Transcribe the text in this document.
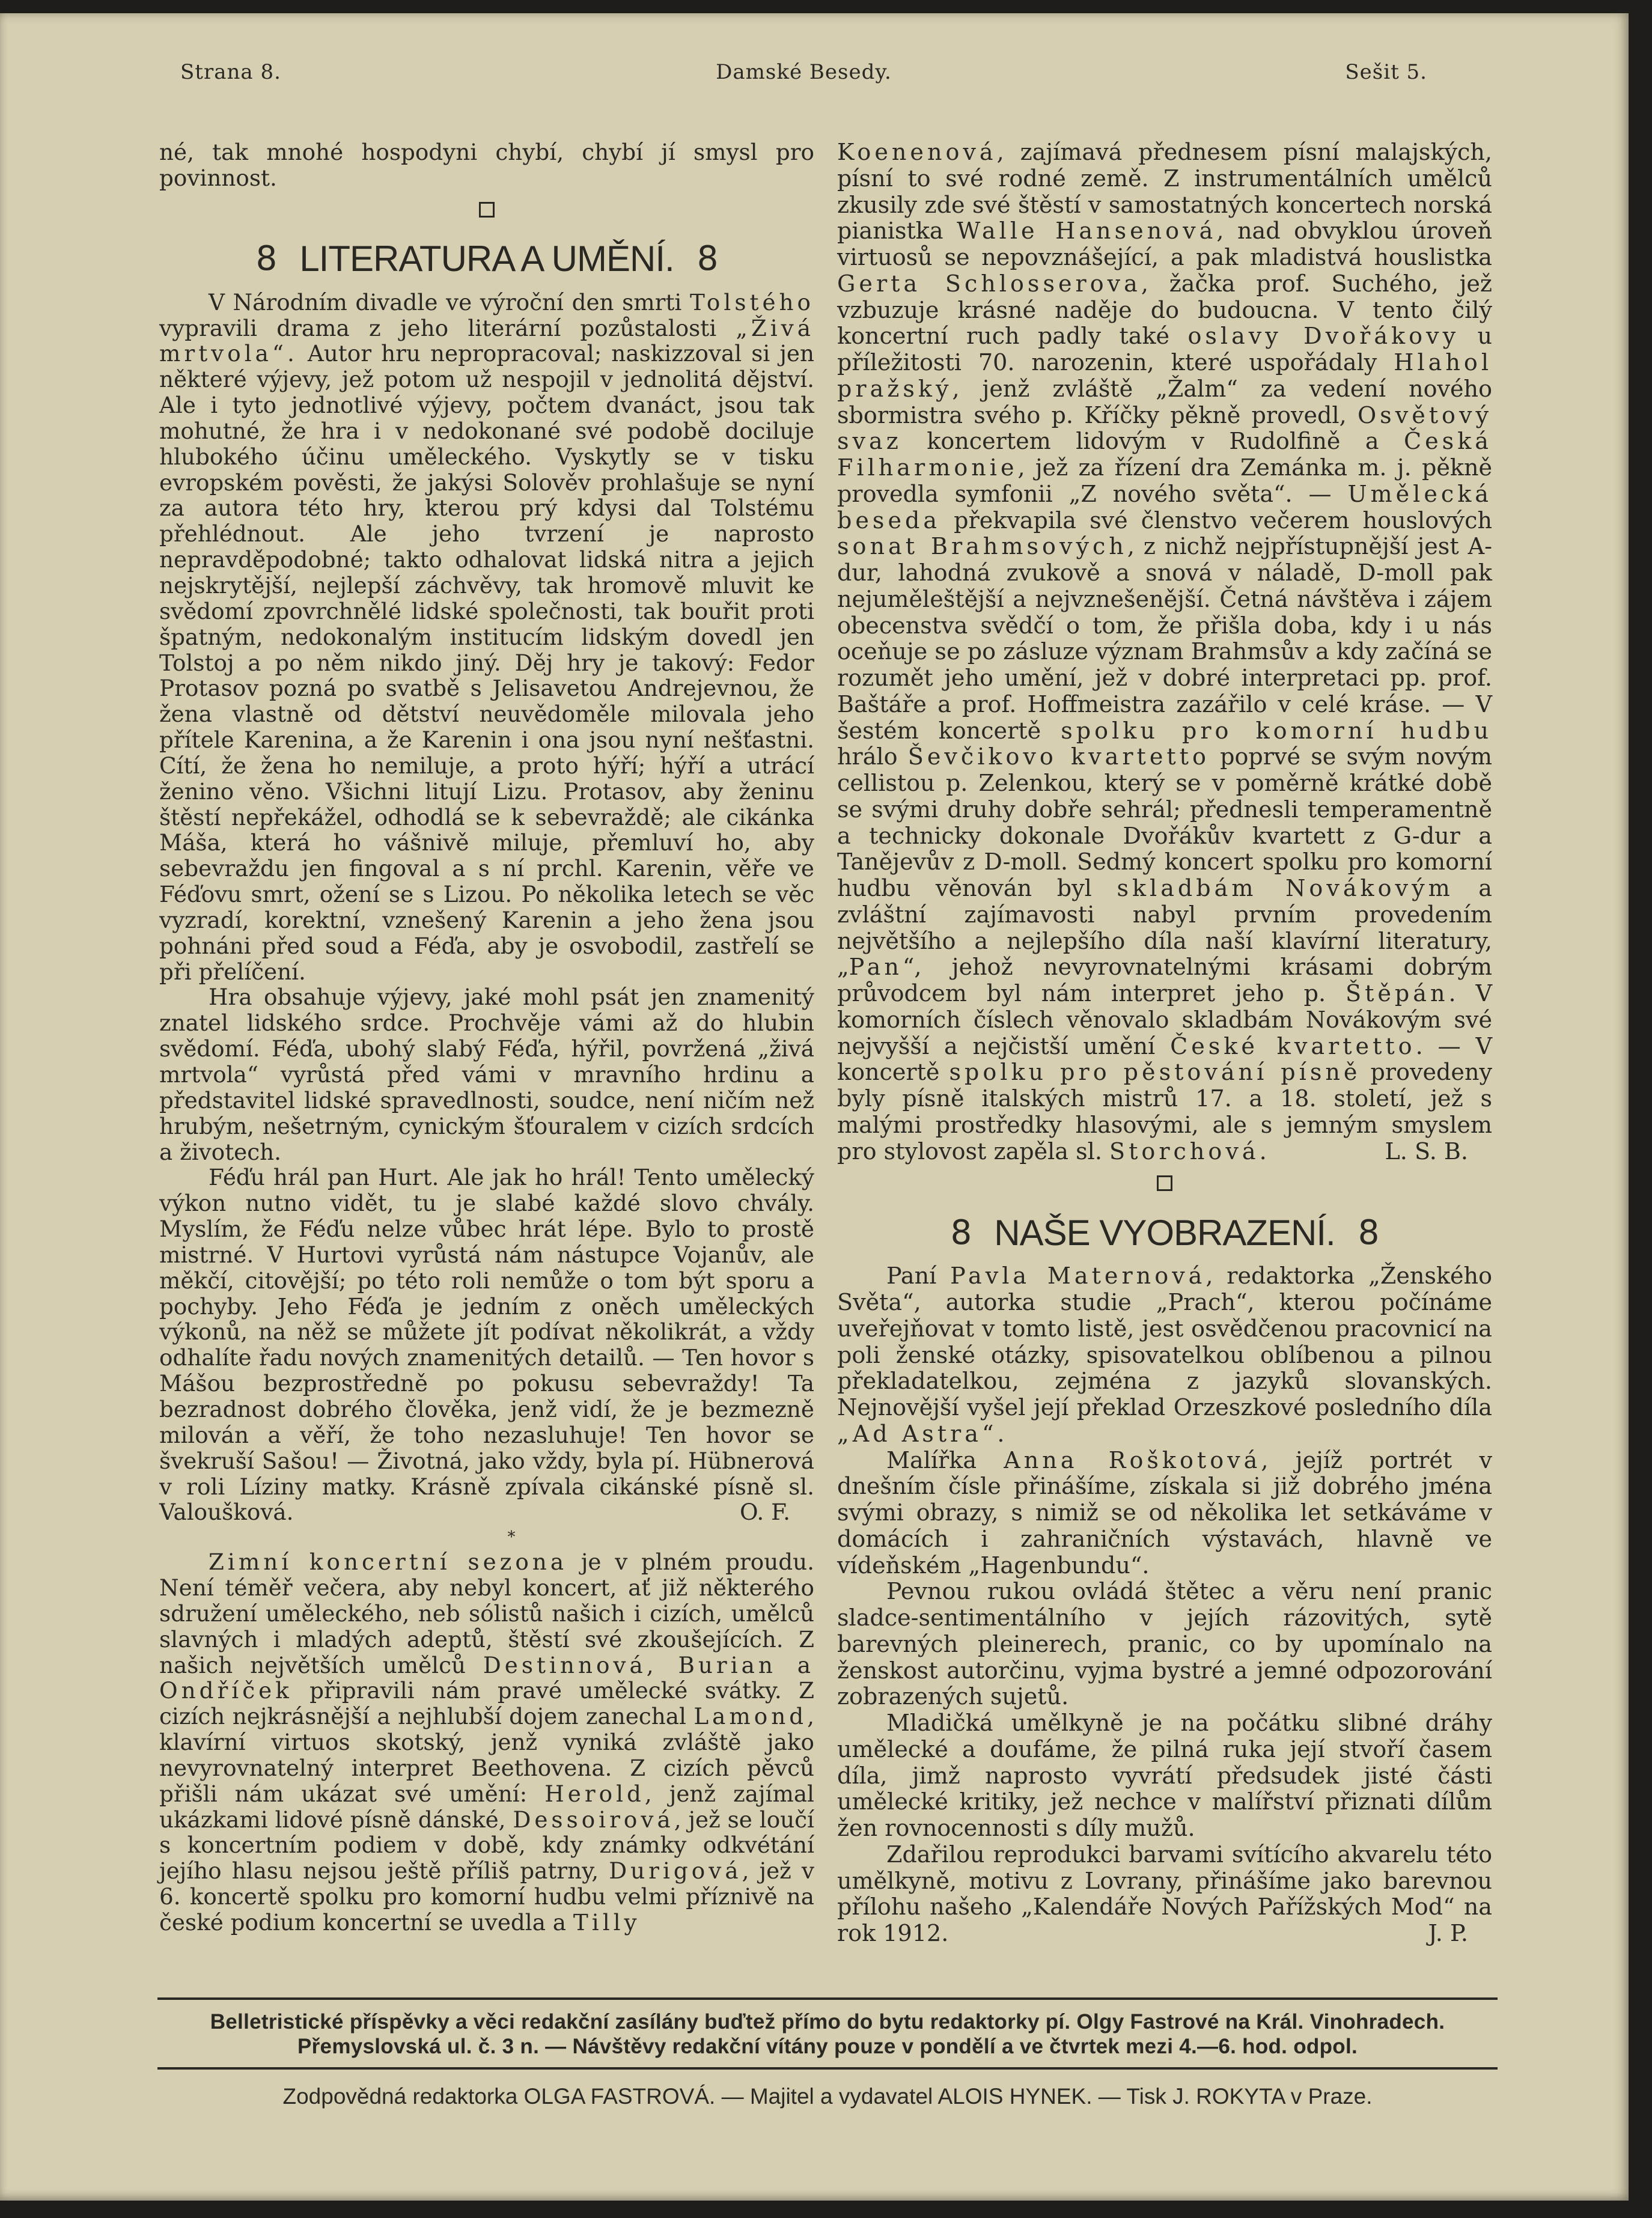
Strana 8.	Damské Besedy.	Sešit 5.

né, tak mnohé hospodyni chybí, chybí jí smysl pro povinnost.

8 LITERATURA A UMĚNÍ. 8

V Národním divadle ve výroční den smrti Tolstého vypravili drama z jeho literární pozůstalosti „Živá mrtvola“. Autor hru nepropracoval; naskizzoval si jen některé výjevy, jež potom už nespojil v jednolitá dějství. Ale i tyto jednotlivé výjevy, počtem dvanáct, jsou tak mohutné, že hra i v nedokonané své podobě dociluje hlubokého účinu uměleckého. Vyskytly se v tisku evropském pověsti, že jakýsi Solověv prohlašuje se nyní za autora této hry, kterou prý kdysi dal Tolstému přehlédnout. Ale jeho tvrzení je naprosto nepravděpodobné; takto odhalovat lidská nitra a jejich nejskrytější, nejlepší záchvěvy, tak hromově mluvit ke svědomí zpovrchnělé lidské společnosti, tak bouřit proti špatným, nedokonalým institucím lidským dovedl jen Tolstoj a po něm nikdo jiný. Děj hry je takový: Fedor Protasov pozná po svatbě s Jelisavetou Andrejevnou, že žena vlastně od dětství neuvědoměle milovala jeho přítele Karenina, a že Karenin i ona jsou nyní nešťastni. Cítí, že žena ho nemiluje, a proto hýří; hýří a utrácí ženino věno. Všichni litují Lizu. Protasov, aby ženinu štěstí nepřekážel, odhodlá se k sebevraždě; ale cikánka Máša, která ho vášnivě miluje, přemluví ho, aby sebevraždu jen fingoval a s ní prchl. Karenin, věře ve Féďovu smrt, ožení se s Lizou. Po několika letech se věc vyzradí, korektní, vznešený Karenin a jeho žena jsou pohnáni před soud a Féďa, aby je osvobodil, zastřelí se při přelíčení.

Hra obsahuje výjevy, jaké mohl psát jen znamenitý znatel lidského srdce. Prochvěje vámi až do hlubin svědomí. Féďa, ubohý slabý Féďa, hýřil, povržená „živá mrtvola“ vyrůstá před vámi v mravního hrdinu a představitel lidské spravedlnosti, soudce, není ničím než hrubým, nešetrným, cynickým šťouralem v cizích srdcích a životech.

Féďu hrál pan Hurt. Ale jak ho hrál! Tento umělecký výkon nutno vidět, tu je slabé každé slovo chvály. Myslím, že Féďu nelze vůbec hrát lépe. Bylo to prostě mistrné. V Hurtovi vyrůstá nám nástupce Vojanův, ale měkčí, citovější; po této roli nemůže o tom být sporu a pochyby. Jeho Féďa je jedním z oněch uměleckých výkonů, na něž se můžete jít podívat několikrát, a vždy odhalíte řadu nových znamenitých detailů. — Ten hovor s Mášou bezprostředně po pokusu sebevraždy! Ta bezradnost dobrého člověka, jenž vidí, že je bezmezně milován a věří, že toho nezasluhuje! Ten hovor se švekruší Sašou! — Životná, jako vždy, byla pí. Hübnerová v roli Líziny matky. Krásně zpívala cikánské písně sl. Valoušková.	O. F.

*

Zimní koncertní sezona je v plném proudu. Není téměř večera, aby nebyl koncert, ať již některého sdružení uměleckého, neb sólistů našich i cizích, umělců slavných i mladých adeptů, štěstí své zkoušejících. Z našich největších umělců Destinnová, Burian a Ondříček připravili nám pravé umělecké svátky. Z cizích nejkrásnější a nejhlubší dojem zanechal Lamond, klavírní virtuos skotský, jenž vyniká zvláště jako nevyrovnatelný interpret Beethovena. Z cizích pěvců přišli nám ukázat své umění: Herold, jenž zajímal ukázkami lidové písně dánské, Dessoirová, jež se loučí s koncertním podiem v době, kdy známky odkvétání jejího hlasu nejsou ještě příliš patrny, Durigová, jež v 6. koncertě spolku pro komorní hudbu velmi příznivě na české podium koncertní se uvedla a Tilly

Koenenová, zajímavá přednesem písní malajských, písní to své rodné země. Z instrumentálních umělců zkusily zde své štěstí v samostatných koncertech norská pianistka Walle Hansenová, nad obvyklou úroveň virtuosů se nepovznášející, a pak mladistvá houslistka Gerta Schlosserova, žačka prof. Suchého, jež vzbuzuje krásné naděje do budoucna. V tento čilý koncertní ruch padly také oslavy Dvořákovy u příležitosti 70. narozenin, které uspořádaly Hlahol pražský, jenž zvláště „Žalm“ za vedení nového sbormistra svého p. Kříčky pěkně provedl, Osvětový svaz koncertem lidovým v Rudolfině a Česká Filharmonie, jež za řízení dra Zemánka m. j. pěkně provedla symfonii „Z nového světa“. — Umělecká beseda překvapila své členstvo večerem houslových sonat Brahmsových, z nichž nejpřístupnější jest A-dur, lahodná zvukově a snová v náladě, D-moll pak nejuměleštější a nejvznešenější. Četná návštěva i zájem obecenstva svědčí o tom, že přišla doba, kdy i u nás oceňuje se po zásluze význam Brahmsův a kdy začíná se rozumět jeho umění, jež v dobré interpretaci pp. prof. Baštáře a prof. Hoffmeistra zazářilo v celé kráse. — V šestém koncertě spolku pro komorní hudbu hrálo Ševčikovo kvartetto poprvé se svým novým cellistou p. Zelenkou, který se v poměrně krátké době se svými druhy dobře sehrál; přednesli temperamentně a technicky dokonale Dvořákův kvartett z G-dur a Tanějevův z D-moll. Sedmý koncert spolku pro komorní hudbu věnován byl skladbám Novákovým a zvláštní zajímavosti nabyl prvním provedením největšího a nejlepšího díla naší klavírní literatury, „Pan“, jehož nevyrovnatelnými krásami dobrým průvodcem byl nám interpret jeho p. Štěpán. V komorních číslech věnovalo skladbám Novákovým své nejvyšší a nejčistší umění České kvartetto. — V koncertě spolku pro pěstování písně provedeny byly písně italských mistrů 17. a 18. století, jež s malými prostředky hlasovými, ale s jemným smyslem pro stylovost zapěla sl. Storchová.	L. S. B.

8 NAŠE VYOBRAZENÍ. 8

Paní Pavla Maternová, redaktorka „Ženského Světa“, autorka studie „Prach“, kterou počínáme uveřejňovat v tomto listě, jest osvědčenou pracovnicí na poli ženské otázky, spisovatelkou oblíbenou a pilnou překladatelkou, zejména z jazyků slovanských. Nejnovější vyšel její překlad Orzeszkové posledního díla „Ad Astra“.

Malířka Anna Roškotová, jejíž portrét v dnešním čísle přinášíme, získala si již dobrého jména svými obrazy, s nimiž se od několika let setkáváme v domácích i zahraničních výstavách, hlavně ve vídeňském „Hagenbundu“.

Pevnou rukou ovládá štětec a věru není pranic sladce-sentimentálního v jejích rázovitých, sytě barevných pleinerech, pranic, co by upomínalo na ženskost autorčinu, vyjma bystré a jemné odpozorování zobrazených sujetů.

Mladičká umělkyně je na počátku slibné dráhy umělecké a doufáme, že pilná ruka její stvoří časem díla, jimž naprosto vyvrátí předsudek jisté části umělecké kritiky, jež nechce v malířství přiznati dílům žen rovnocennosti s díly mužů.

Zdařilou reprodukci barvami svítícího akvarelu této umělkyně, motivu z Lovrany, přinášíme jako barevnou přílohu našeho „Kalendáře Nových Pařížských Mod“ na rok 1912.	J. P.

Belletristické příspěvky a věci redakční zasílány buďtež přímo do bytu redaktorky pí. Olgy Fastrové na Král. Vinohradech.
Přemyslovská ul. č. 3 n. — Návštěvy redakční vítány pouze v pondělí a ve čtvrtek mezi 4.—6. hod. odpol.
Zodpovědná redaktorka OLGA FASTROVÁ. — Majitel a vydavatel ALOIS HYNEK. — Tisk J. ROKYTA v Praze.
